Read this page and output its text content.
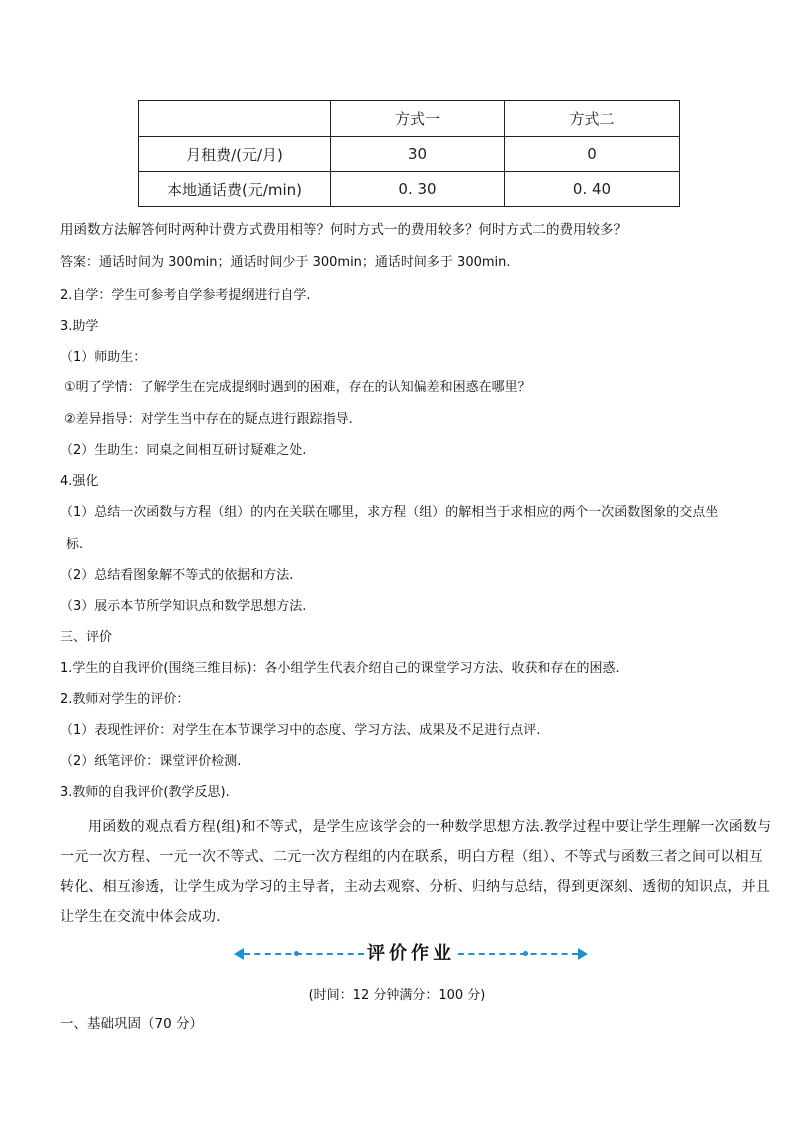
	方式一	方式二
月租费/(元/月)	30	0
本地通话费(元/min)	0. 30	0. 40
用函数方法解答何时两种计费方式费用相等？何时方式一的费用较多？何时方式二的费用较多？
答案：通话时间为 300min；通话时间少于 300min；通话时间多于 300min.
2.自学：学生可参考自学参考提纲进行自学.
3.助学
（1）师助生：
①明了学情：了解学生在完成提纲时遇到的困难，存在的认知偏差和困惑在哪里？
②差异指导：对学生当中存在的疑点进行跟踪指导.
（2）生助生：同桌之间相互研讨疑难之处.
4.强化
（1）总结一次函数与方程（组）的内在关联在哪里，求方程（组）的解相当于求相应的两个一次函数图象的交点坐
标.
（2）总结看图象解不等式的依据和方法.
（3）展示本节所学知识点和数学思想方法.
三、评价
1.学生的自我评价(围绕三维目标)：各小组学生代表介绍自己的课堂学习方法、收获和存在的困惑.
2.教师对学生的评价：
（1）表现性评价：对学生在本节课学习中的态度、学习方法、成果及不足进行点评.
（2）纸笔评价：课堂评价检测.
3.教师的自我评价(教学反思).
用函数的观点看方程(组)和不等式，是学生应该学会的一种数学思想方法.教学过程中要让学生理解一次函数与一元一次方程、一元一次不等式、二元一次方程组的内在联系，明白方程（组）、不等式与函数三者之间可以相互转化、相互渗透，让学生成为学习的主导者，主动去观察、分析、归纳与总结，得到更深刻、透彻的知识点，并且让学生在交流中体会成功.
评价作业
(时间：12 分钟满分：100 分)
一、基础巩固（70 分）
